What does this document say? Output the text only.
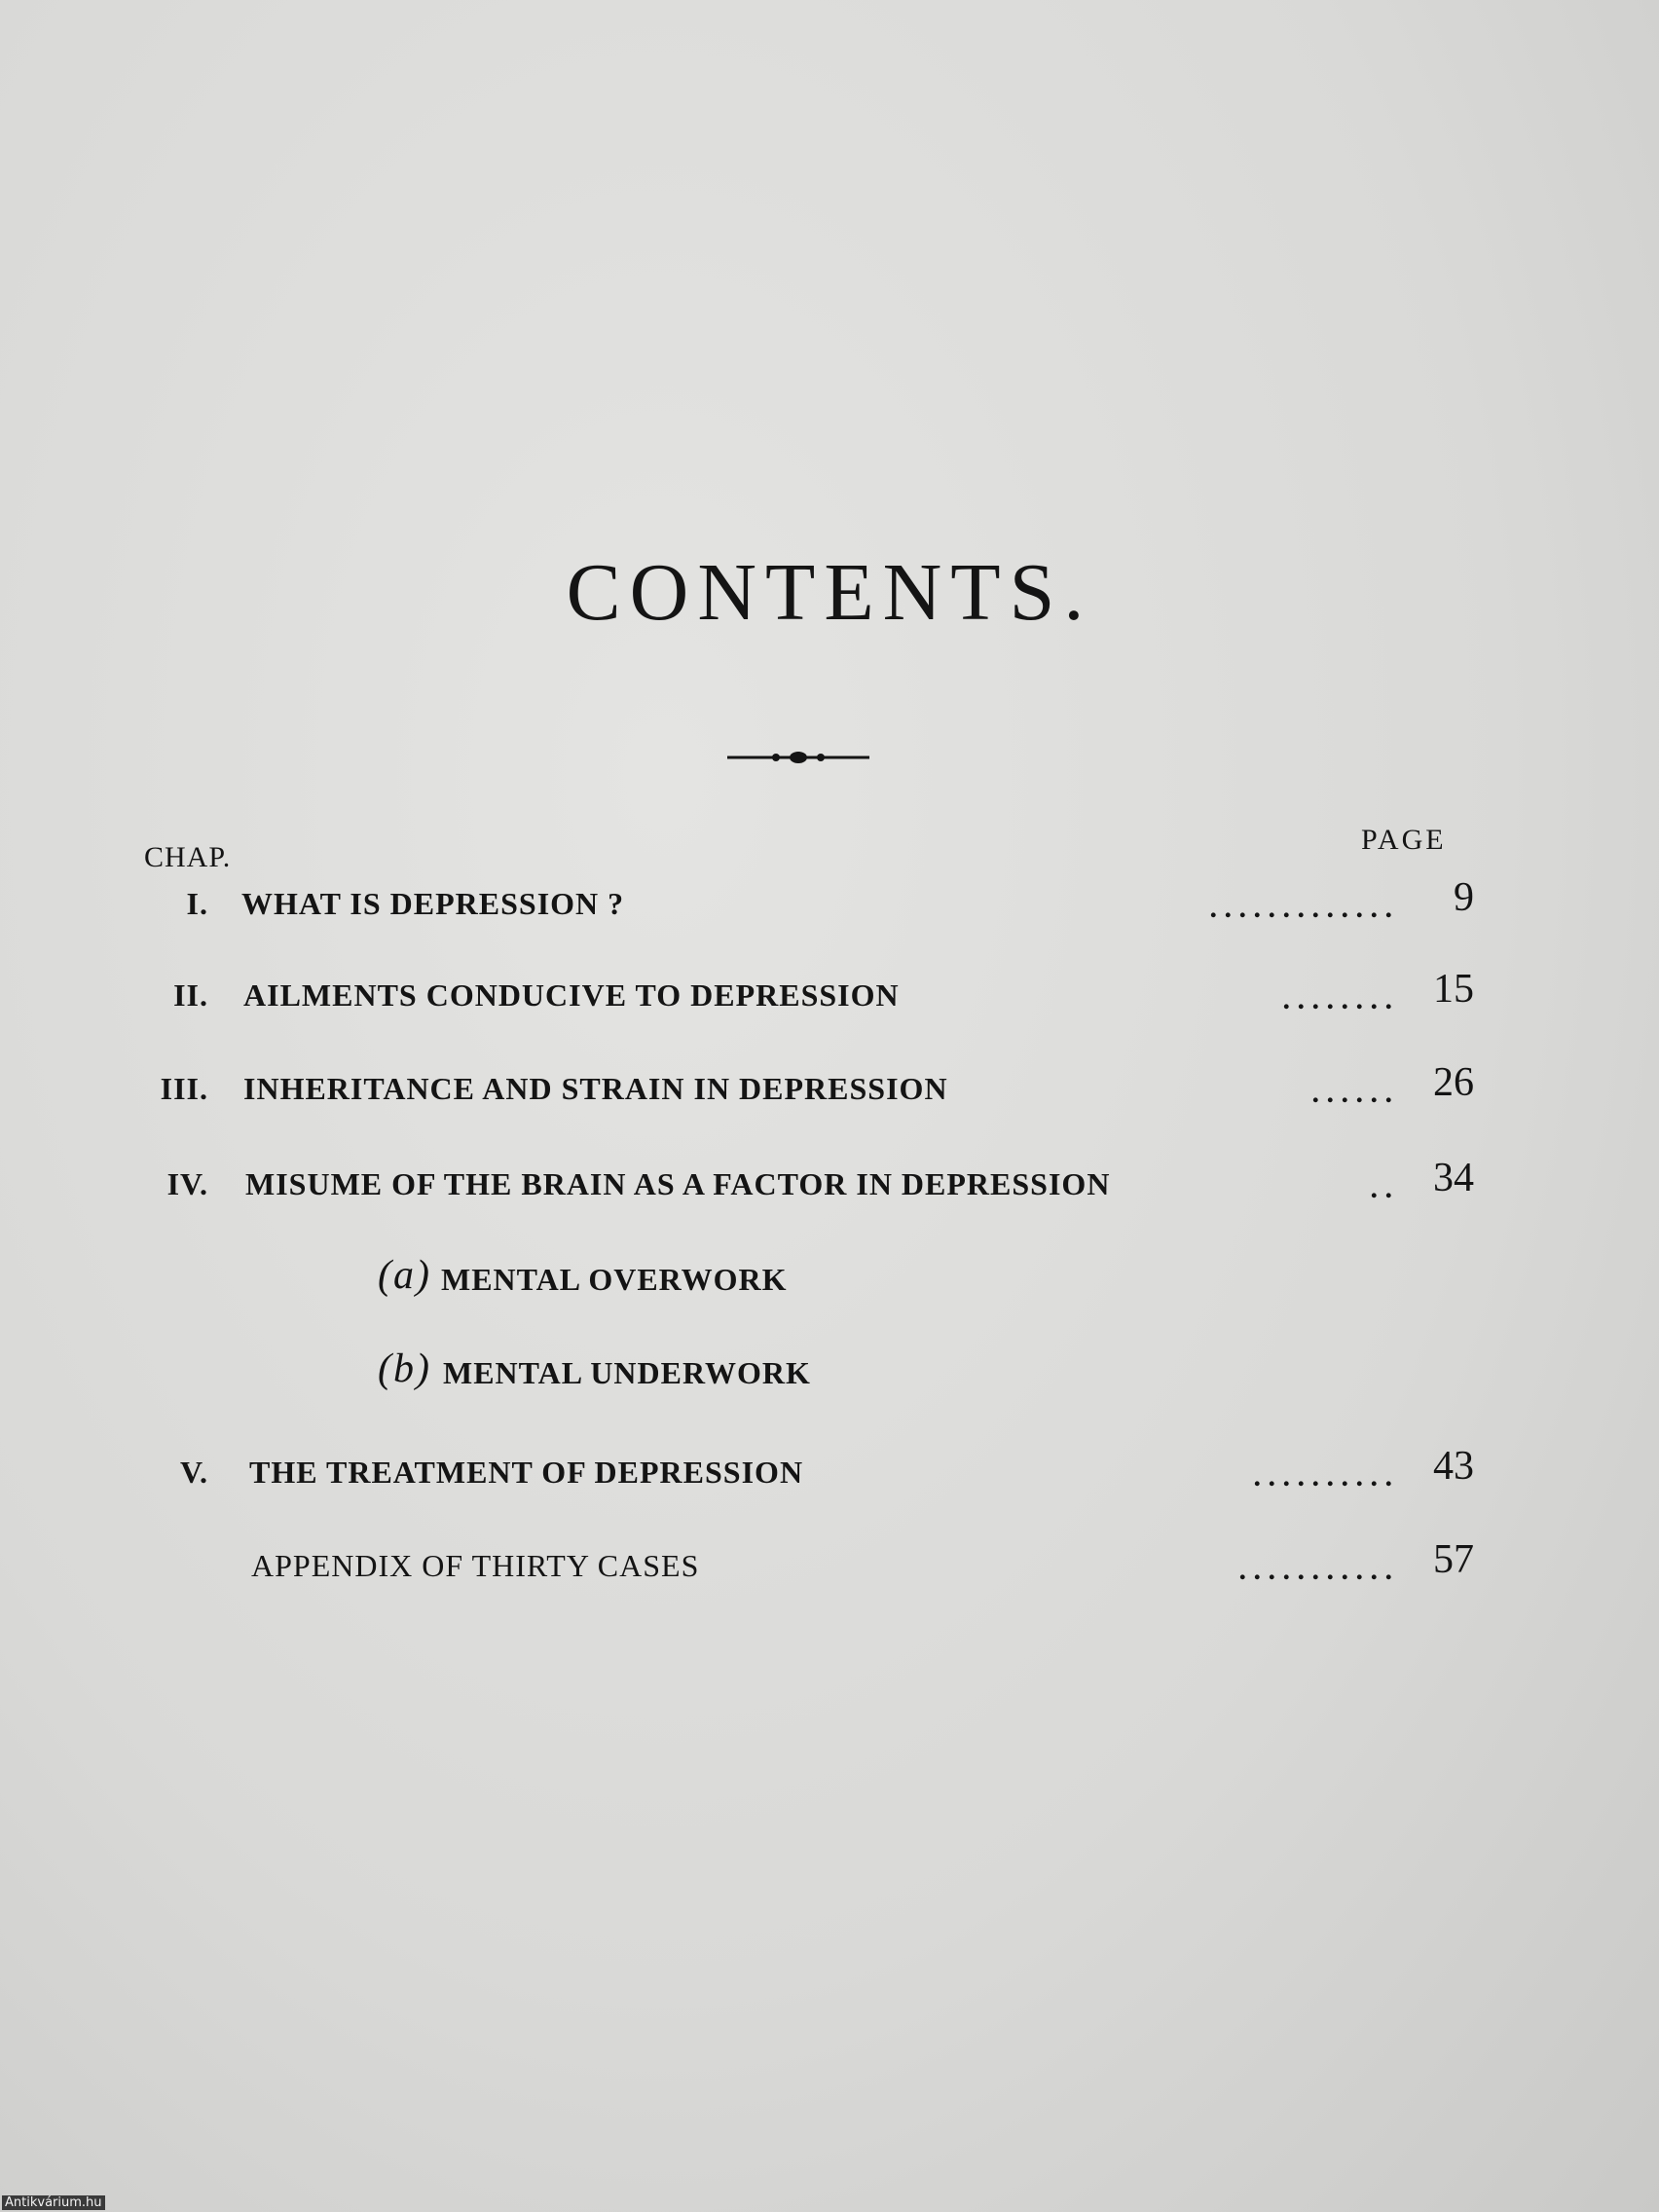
CONTENTS.
CHAP.
PAGE
I. WHAT IS DEPRESSION ?	. . . . . . . . . . . . .	9
II. AILMENTS CONDUCIVE TO DEPRESSION	. . . . . . . .	15
III. INHERITANCE AND STRAIN IN DEPRESSION	. . . . . .	26
IV. MISUME OF THE BRAIN AS A FACTOR IN DEPRESSION	. .	34
(a) MENTAL OVERWORK
(b) MENTAL UNDERWORK
V. THE TREATMENT OF DEPRESSION	. . . . . . . . . .	43
APPENDIX OF THIRTY CASES	. . . . . . . . . . .	57
Antikvárium.hu
